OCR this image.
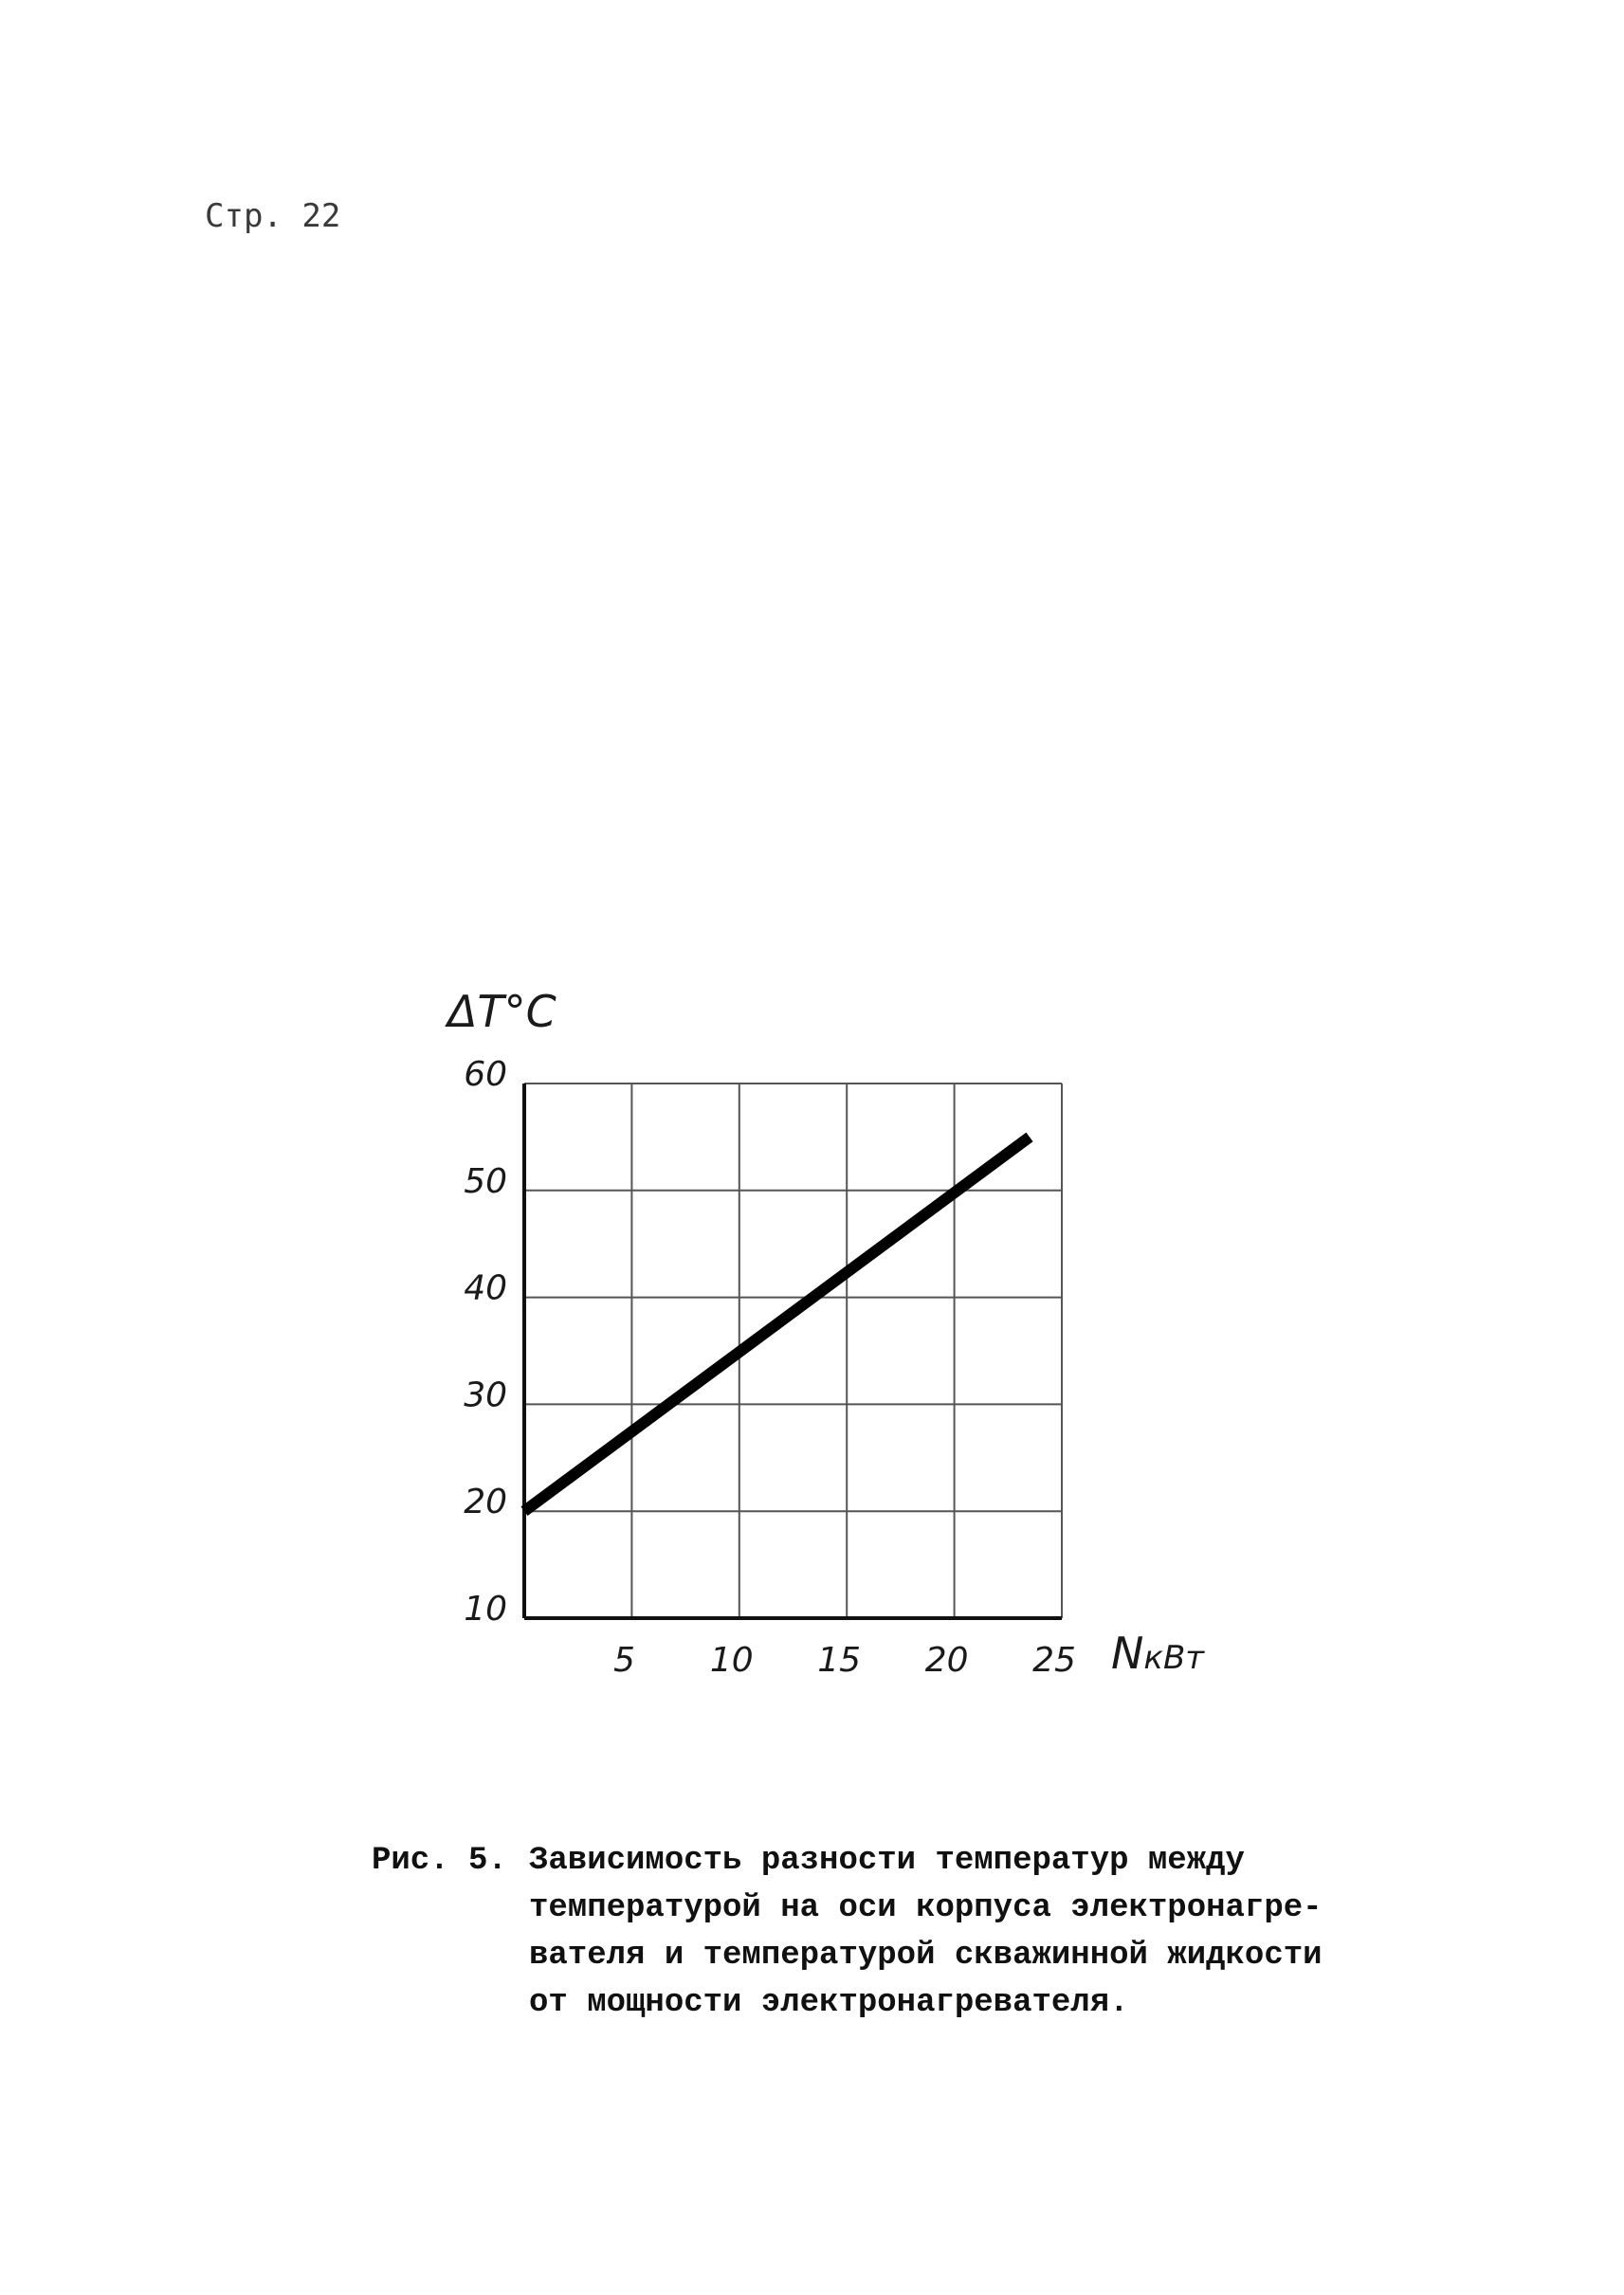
Стр. 22
10
20
30
40
50
60
5 10 15 20 25
ΔT°C
NкВт
Рис. 5. Зависимость разности температур между
температурой на оси корпуса электронагре-
вателя и температурой скважинной жидкости
от мощности электронагревателя.
